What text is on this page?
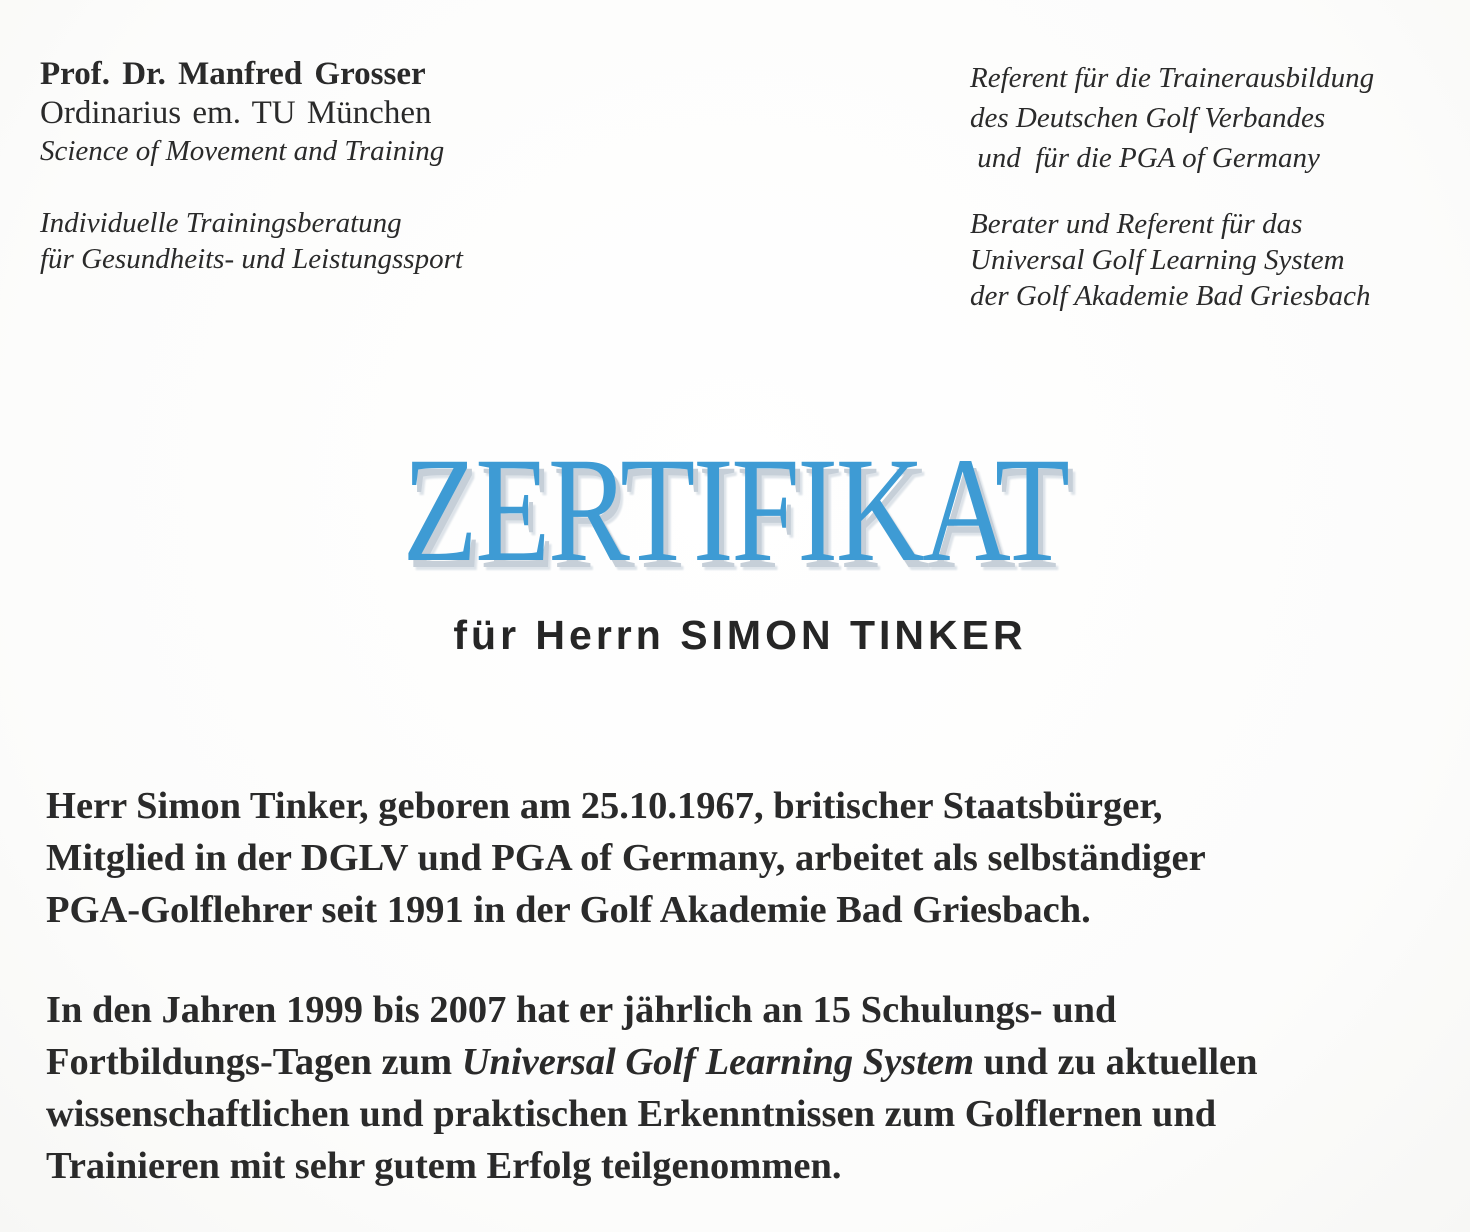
Prof. Dr. Manfred Grosser
Ordinarius em. TU München
Science of Movement and Training
Individuelle Trainingsberatung
für Gesundheits- und Leistungssport
Referent für die Trainerausbildung
des Deutschen Golf Verbandes
und  für die PGA of Germany
Berater und Referent für das
Universal Golf Learning System
der Golf Akademie Bad Griesbach
ZERTIFIKAT
für Herrn SIMON TINKER
Herr Simon Tinker, geboren am 25.10.1967, britischer Staatsbürger,
Mitglied in der DGLV und PGA of Germany, arbeitet als selbständiger
PGA-Golflehrer seit 1991 in der Golf Akademie Bad Griesbach.
In den Jahren 1999 bis 2007 hat er jährlich an 15 Schulungs- und
Fortbildungs-Tagen zum Universal Golf Learning System und zu aktuellen
wissenschaftlichen und praktischen Erkenntnissen zum Golflernen und
Trainieren mit sehr gutem Erfolg teilgenommen.
